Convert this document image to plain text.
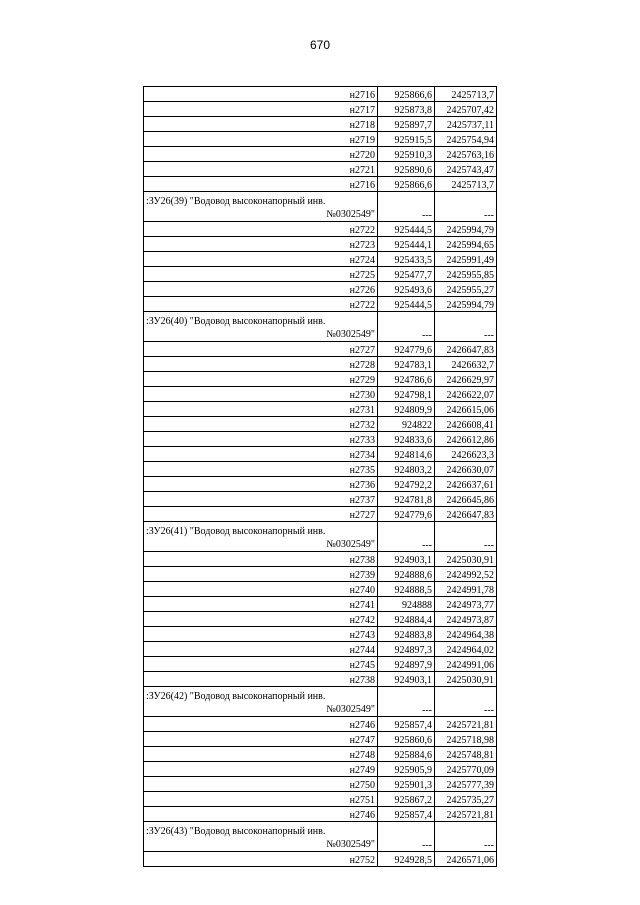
670
н2716	925866,6	2425713,7
н2717	925873,8	2425707,42
н2718	925897,7	2425737,11
н2719	925915,5	2425754,94
н2720	925910,3	2425763,16
н2721	925890,6	2425743,47
н2716	925866,6	2425713,7
:ЗУ26(39) "Водовод высоконапорный инв.
№0302549"	---	---
н2722	925444,5	2425994,79
н2723	925444,1	2425994,65
н2724	925433,5	2425991,49
н2725	925477,7	2425955,85
н2726	925493,6	2425955,27
н2722	925444,5	2425994,79
:ЗУ26(40) "Водовод высоконапорный инв.
№0302549"	---	---
н2727	924779,6	2426647,83
н2728	924783,1	2426632,7
н2729	924786,6	2426629,97
н2730	924798,1	2426622,07
н2731	924809,9	2426615,06
н2732	924822	2426608,41
н2733	924833,6	2426612,86
н2734	924814,6	2426623,3
н2735	924803,2	2426630,07
н2736	924792,2	2426637,61
н2737	924781,8	2426645,86
н2727	924779,6	2426647,83
:ЗУ26(41) "Водовод высоконапорный инв.
№0302549"	---	---
н2738	924903,1	2425030,91
н2739	924888,6	2424992,52
н2740	924888,5	2424991,78
н2741	924888	2424973,77
н2742	924884,4	2424973,87
н2743	924883,8	2424964,38
н2744	924897,3	2424964,02
н2745	924897,9	2424991,06
н2738	924903,1	2425030,91
:ЗУ26(42) "Водовод высоконапорный инв.
№0302549"	---	---
н2746	925857,4	2425721,81
н2747	925860,6	2425718,98
н2748	925884,6	2425748,81
н2749	925905,9	2425770,09
н2750	925901,3	2425777,39
н2751	925867,2	2425735,27
н2746	925857,4	2425721,81
:ЗУ26(43) "Водовод высоконапорный инв.
№0302549"	---	---
н2752	924928,5	2426571,06
